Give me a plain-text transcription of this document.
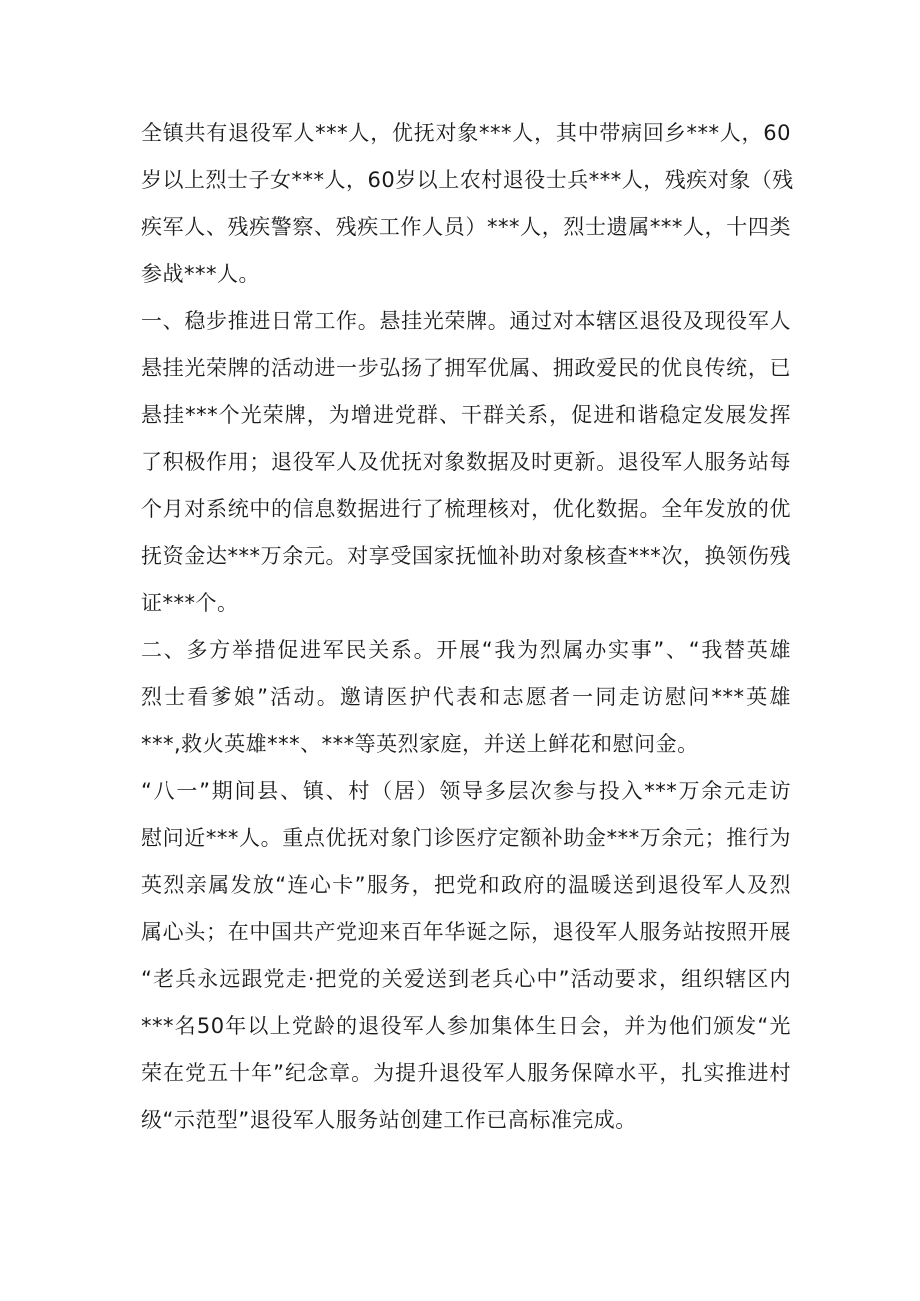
全镇共有退役军人***人，优抚对象***人，其中带病回乡***人，60
岁以上烈士子女***人，60岁以上农村退役士兵***人，残疾对象（残
疾军人、残疾警察、残疾工作人员）***人，烈士遗属***人，十四类
参战***人。
一、稳步推进日常工作。悬挂光荣牌。通过对本辖区退役及现役军人
悬挂光荣牌的活动进一步弘扬了拥军优属、拥政爱民的优良传统，已
悬挂***个光荣牌，为增进党群、干群关系，促进和谐稳定发展发挥
了积极作用；退役军人及优抚对象数据及时更新。退役军人服务站每
个月对系统中的信息数据进行了梳理核对，优化数据。全年发放的优
抚资金达***万余元。对享受国家抚恤补助对象核查***次，换领伤残
证***个。
二、多方举措促进军民关系。开展“我为烈属办实事”、“我替英雄
烈士看爹娘”活动。邀请医护代表和志愿者一同走访慰问***英雄
***,救火英雄***、***等英烈家庭，并送上鲜花和慰问金。
“八一”期间县、镇、村（居）领导多层次参与投入***万余元走访
慰问近***人。重点优抚对象门诊医疗定额补助金***万余元；推行为
英烈亲属发放“连心卡”服务，把党和政府的温暖送到退役军人及烈
属心头；在中国共产党迎来百年华诞之际，退役军人服务站按照开展
“老兵永远跟党走·把党的关爱送到老兵心中”活动要求，组织辖区内
***名50年以上党龄的退役军人参加集体生日会，并为他们颁发“光
荣在党五十年”纪念章。为提升退役军人服务保障水平，扎实推进村
级“示范型”退役军人服务站创建工作已高标准完成。
